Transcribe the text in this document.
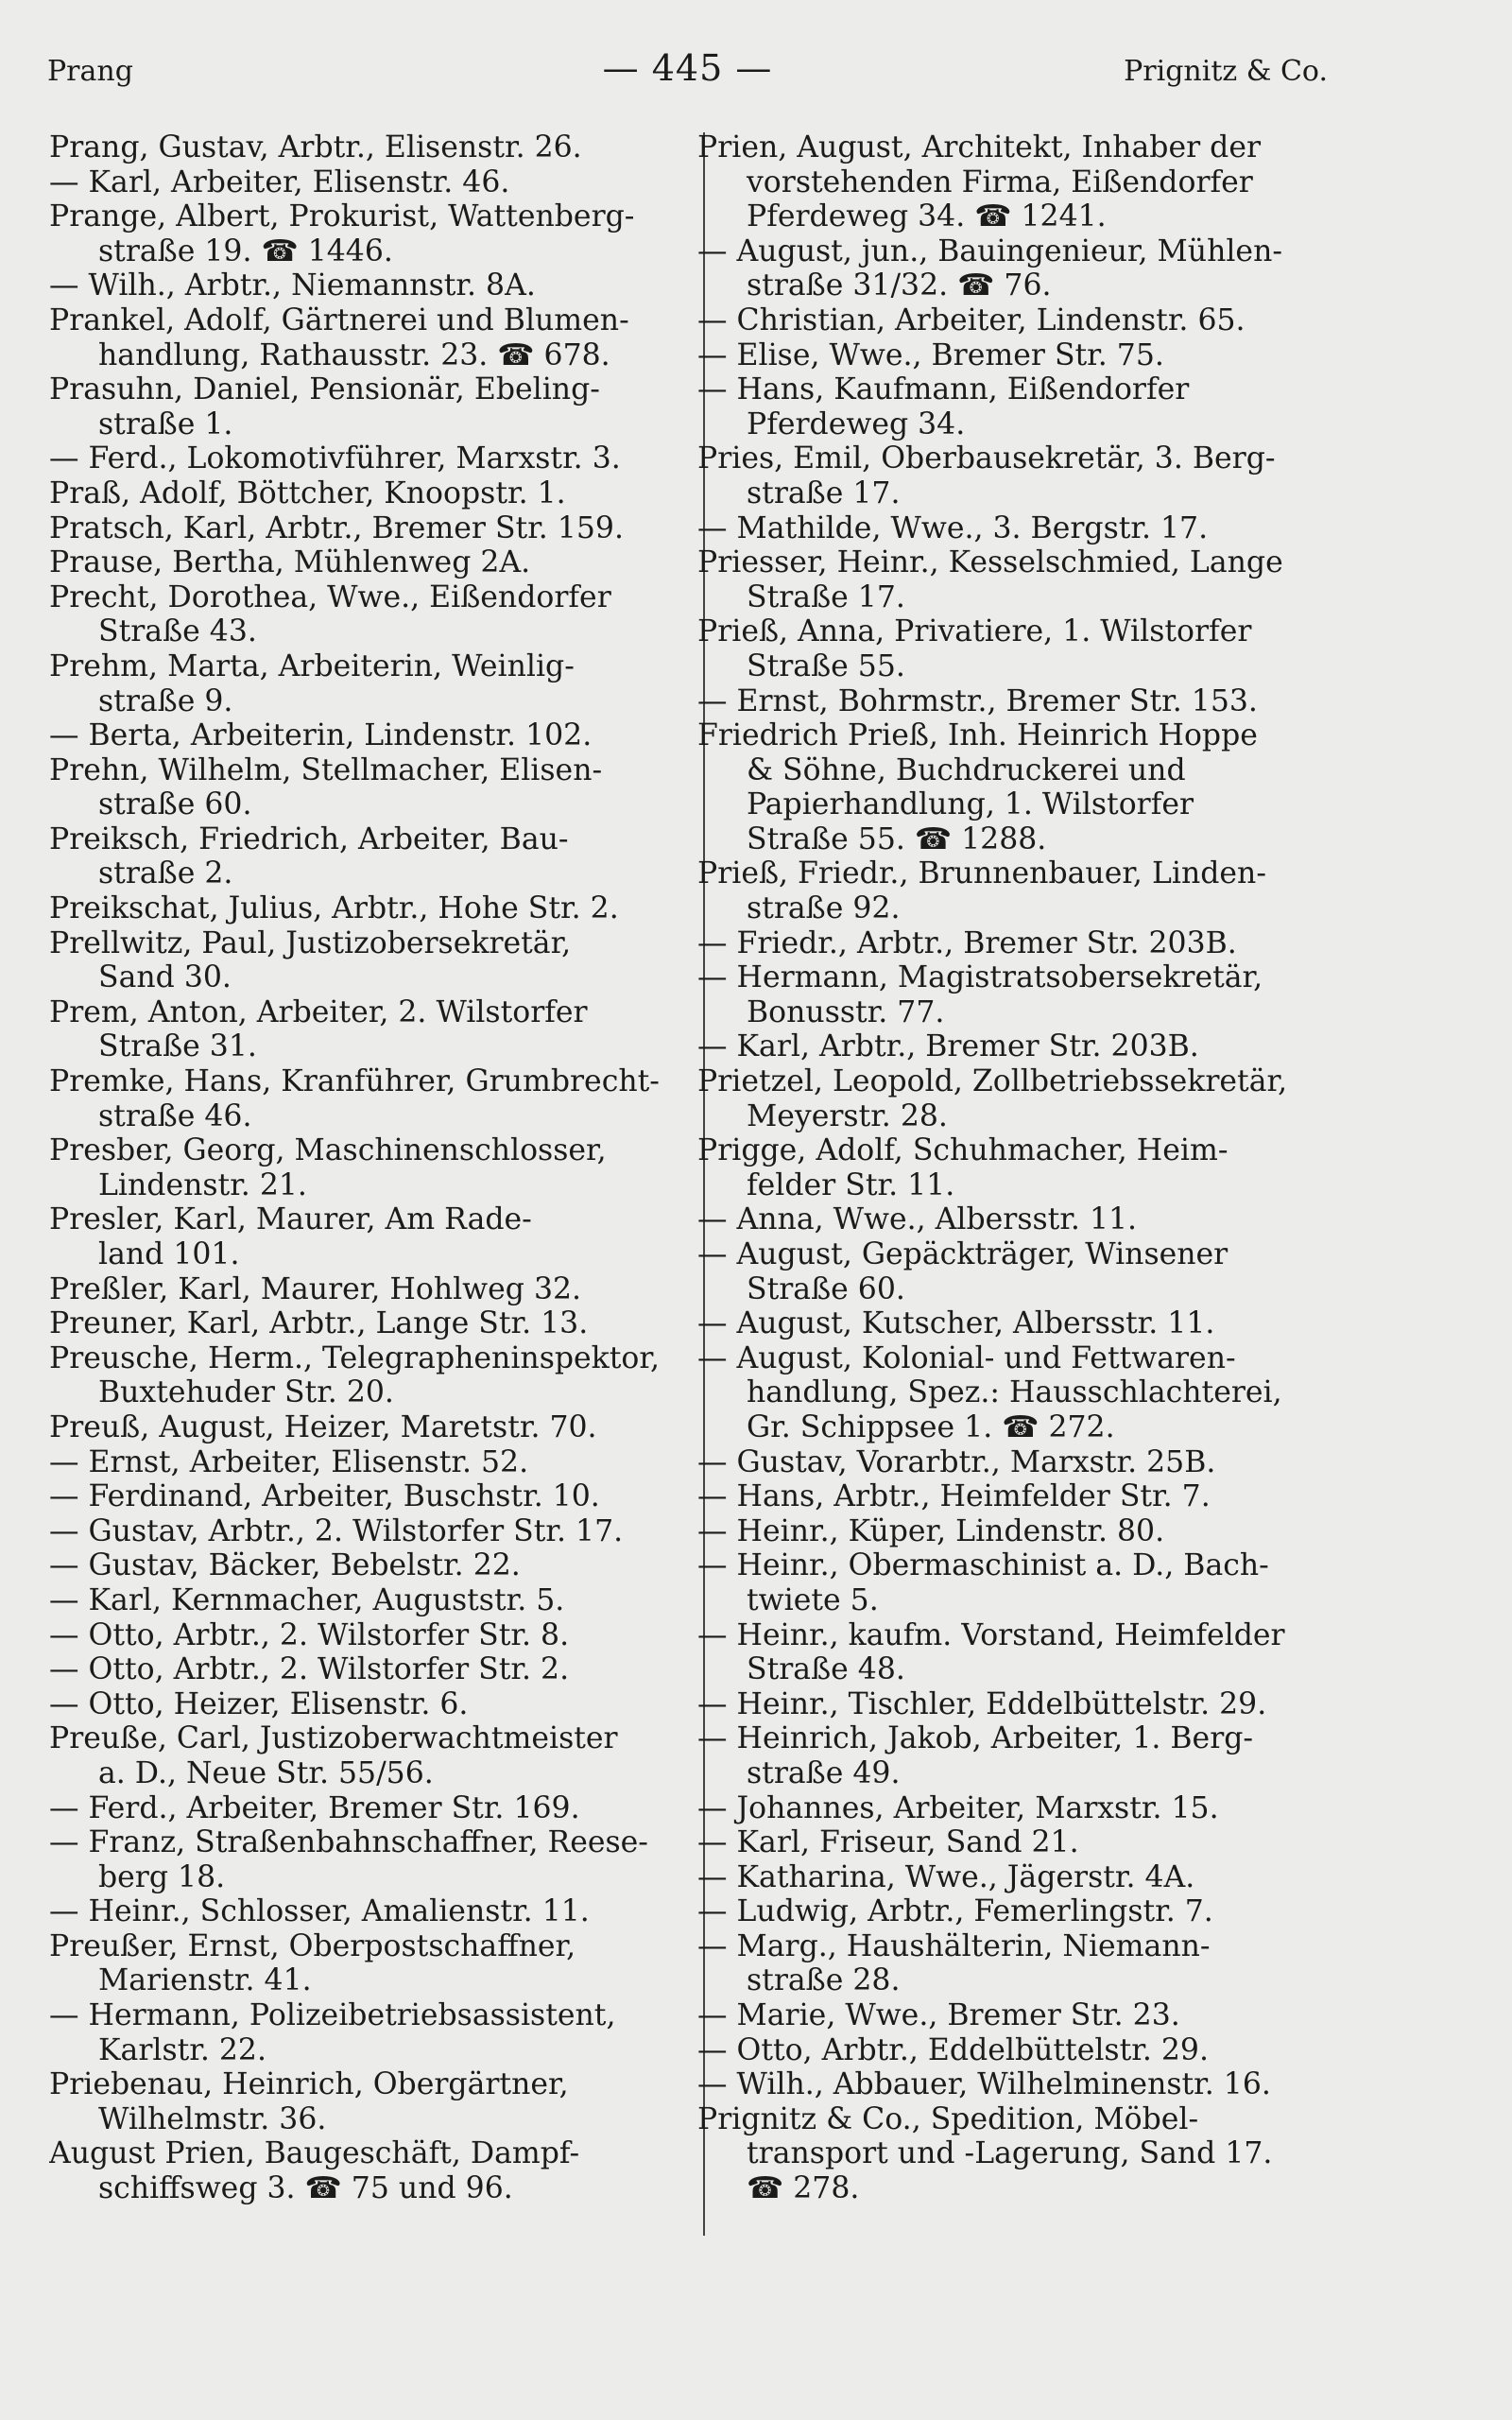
Prang	— 445 —	Prignitz & Co.
Prang, Gustav, Arbtr., Elisenstr. 26.
— Karl, Arbeiter, Elisenstr. 46.
Prange, Albert, Prokurist, Wattenberg-
straße 19. ☎ 1446.
— Wilh., Arbtr., Niemannstr. 8A.
Prankel, Adolf, Gärtnerei und Blumen-
handlung, Rathausstr. 23. ☎ 678.
Prasuhn, Daniel, Pensionär, Ebeling-
straße 1.
— Ferd., Lokomotivführer, Marxstr. 3.
Praß, Adolf, Böttcher, Knoopstr. 1.
Pratsch, Karl, Arbtr., Bremer Str. 159.
Prause, Bertha, Mühlenweg 2A.
Precht, Dorothea, Wwe., Eißendorfer
Straße 43.
Prehm, Marta, Arbeiterin, Weinlig-
straße 9.
— Berta, Arbeiterin, Lindenstr. 102.
Prehn, Wilhelm, Stellmacher, Elisen-
straße 60.
Preiksch, Friedrich, Arbeiter, Bau-
straße 2.
Preikschat, Julius, Arbtr., Hohe Str. 2.
Prellwitz, Paul, Justizobersekretär,
Sand 30.
Prem, Anton, Arbeiter, 2. Wilstorfer
Straße 31.
Premke, Hans, Kranführer, Grumbrecht-
straße 46.
Presber, Georg, Maschinenschlosser,
Lindenstr. 21.
Presler, Karl, Maurer, Am Rade-
land 101.
Preßler, Karl, Maurer, Hohlweg 32.
Preuner, Karl, Arbtr., Lange Str. 13.
Preusche, Herm., Telegrapheninspektor,
Buxtehuder Str. 20.
Preuß, August, Heizer, Maretstr. 70.
— Ernst, Arbeiter, Elisenstr. 52.
— Ferdinand, Arbeiter, Buschstr. 10.
— Gustav, Arbtr., 2. Wilstorfer Str. 17.
— Gustav, Bäcker, Bebelstr. 22.
— Karl, Kernmacher, Auguststr. 5.
— Otto, Arbtr., 2. Wilstorfer Str. 8.
— Otto, Arbtr., 2. Wilstorfer Str. 2.
— Otto, Heizer, Elisenstr. 6.
Preuße, Carl, Justizoberwachtmeister
a. D., Neue Str. 55/56.
— Ferd., Arbeiter, Bremer Str. 169.
— Franz, Straßenbahnschaffner, Reese-
berg 18.
— Heinr., Schlosser, Amalienstr. 11.
Preußer, Ernst, Oberpostschaffner,
Marienstr. 41.
— Hermann, Polizeibetriebsassistent,
Karlstr. 22.
Priebenau, Heinrich, Obergärtner,
Wilhelmstr. 36.
August Prien, Baugeschäft, Dampf-
schiffsweg 3. ☎ 75 und 96.
Prien, August, Architekt, Inhaber der
vorstehenden Firma, Eißendorfer
Pferdeweg 34. ☎ 1241.
— August, jun., Bauingenieur, Mühlen-
straße 31/32. ☎ 76.
— Christian, Arbeiter, Lindenstr. 65.
— Elise, Wwe., Bremer Str. 75.
— Hans, Kaufmann, Eißendorfer
Pferdeweg 34.
Pries, Emil, Oberbausekretär, 3. Berg-
straße 17.
— Mathilde, Wwe., 3. Bergstr. 17.
Priesser, Heinr., Kesselschmied, Lange
Straße 17.
Prieß, Anna, Privatiere, 1. Wilstorfer
Straße 55.
— Ernst, Bohrmstr., Bremer Str. 153.
Friedrich Prieß, Inh. Heinrich Hoppe
& Söhne, Buchdruckerei und
Papierhandlung, 1. Wilstorfer
Straße 55. ☎ 1288.
Prieß, Friedr., Brunnenbauer, Linden-
straße 92.
— Friedr., Arbtr., Bremer Str. 203B.
— Hermann, Magistratsobersekretär,
Bonusstr. 77.
— Karl, Arbtr., Bremer Str. 203B.
Prietzel, Leopold, Zollbetriebssekretär,
Meyerstr. 28.
Prigge, Adolf, Schuhmacher, Heim-
felder Str. 11.
— Anna, Wwe., Albersstr. 11.
— August, Gepäckträger, Winsener
Straße 60.
— August, Kutscher, Albersstr. 11.
— August, Kolonial- und Fettwaren-
handlung, Spez.: Hausschlachterei,
Gr. Schippsee 1. ☎ 272.
— Gustav, Vorarbtr., Marxstr. 25B.
— Hans, Arbtr., Heimfelder Str. 7.
— Heinr., Küper, Lindenstr. 80.
— Heinr., Obermaschinist a. D., Bach-
twiete 5.
— Heinr., kaufm. Vorstand, Heimfelder
Straße 48.
— Heinr., Tischler, Eddelbüttelstr. 29.
— Heinrich, Jakob, Arbeiter, 1. Berg-
straße 49.
— Johannes, Arbeiter, Marxstr. 15.
— Karl, Friseur, Sand 21.
— Katharina, Wwe., Jägerstr. 4A.
— Ludwig, Arbtr., Femerlingstr. 7.
— Marg., Haushälterin, Niemann-
straße 28.
— Marie, Wwe., Bremer Str. 23.
— Otto, Arbtr., Eddelbüttelstr. 29.
— Wilh., Abbauer, Wilhelminenstr. 16.
Prignitz & Co., Spedition, Möbel-
transport und -Lagerung, Sand 17.
☎ 278.
